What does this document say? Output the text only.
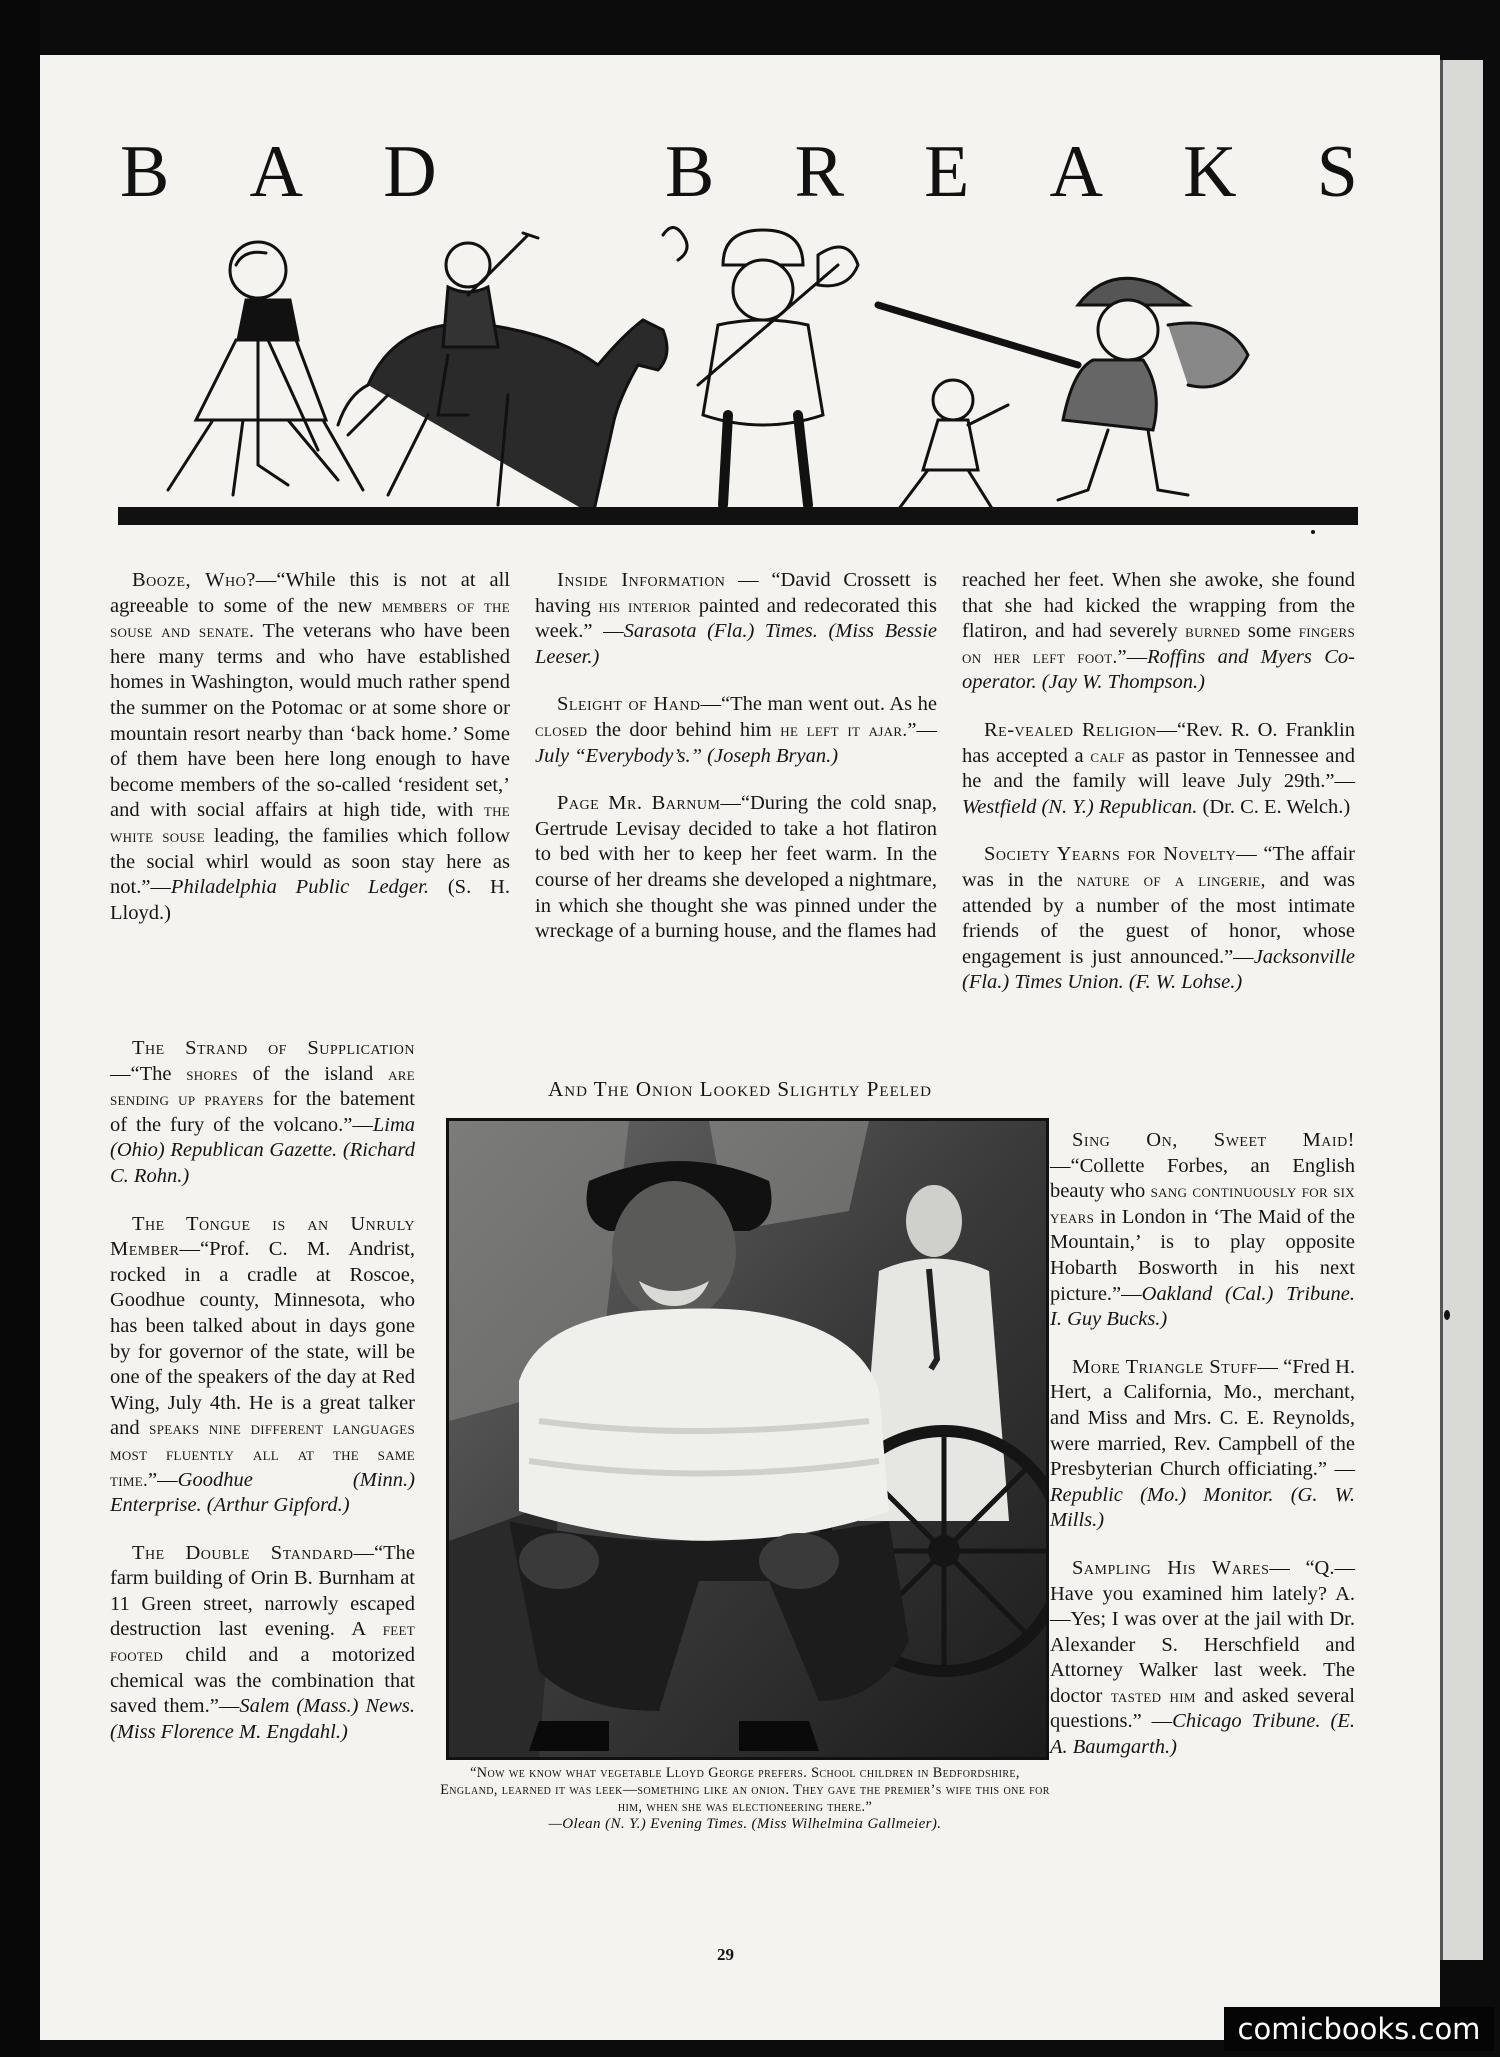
B A D	B R E A K S

Booze, Who?—“While this is not at all agreeable to some of the new members of the souse and senate. The veterans who have been here many terms and who have established homes in Washington, would much rather spend the summer on the Potomac or at some shore or mountain resort nearby than ‘back home.’ Some of them have been here long enough to have become members of the so-called ‘resident set,’ and with social affairs at high tide, with the white souse leading, the families which follow the social whirl would as soon stay here as not.”—Philadelphia Public Ledger. (S. H. Lloyd.)

The Strand of Supplication—“The shores of the island are sending up prayers for the batement of the fury of the volcano.”—Lima (Ohio) Republican Gazette. (Richard C. Rohn.)

The Tongue is an Unruly Member—“Prof. C. M. Andrist, rocked in a cradle at Roscoe, Goodhue county, Minnesota, who has been talked about in days gone by for governor of the state, will be one of the speakers of the day at Red Wing, July 4th. He is a great talker and speaks nine different languages most fluently all at the same time.”—Goodhue (Minn.) Enterprise. (Arthur Gipford.)

The Double Standard—“The farm building of Orin B. Burnham at 11 Green street, narrowly escaped destruction last evening. A feet footed child and a motorized chemical was the combination that saved them.”—Salem (Mass.) News. (Miss Florence M. Engdahl.)

Inside Information — “David Crossett is having his interior painted and redecorated this week.” —Sarasota (Fla.) Times. (Miss Bessie Leeser.)

Sleight of Hand—“The man went out. As he closed the door behind him he left it ajar.”—July “Everybody’s.” (Joseph Bryan.)

Page Mr. Barnum—“During the cold snap, Gertrude Levisay decided to take a hot flatiron to bed with her to keep her feet warm. In the course of her dreams she developed a nightmare, in which she thought she was pinned under the wreckage of a burning house, and the flames had

reached her feet. When she awoke, she found that she had kicked the wrapping from the flatiron, and had severely burned some fingers on her left foot.”—Roffins and Myers Co-operator. (Jay W. Thompson.)

Re-vealed Religion—“Rev. R. O. Franklin has accepted a calf as pastor in Tennessee and he and the family will leave July 29th.”—Westfield (N. Y.) Republican. (Dr. C. E. Welch.)

Society Yearns for Novelty— “The affair was in the nature of a lingerie, and was attended by a number of the most intimate friends of the guest of honor, whose engagement is just announced.”—Jacksonville (Fla.) Times Union. (F. W. Lohse.)

Sing On, Sweet Maid! —“Collette Forbes, an English beauty who sang continuously for six years in London in ‘The Maid of the Mountain,’ is to play opposite Hobarth Bosworth in his next picture.”—Oakland (Cal.) Tribune. I. Guy Bucks.)

More Triangle Stuff— “Fred H. Hert, a California, Mo., merchant, and Miss and Mrs. C. E. Reynolds, were married, Rev. Campbell of the Presbyterian Church officiating.” —Republic (Mo.) Monitor. (G. W. Mills.)

Sampling His Wares— “Q.—Have you examined him lately? A.—Yes; I was over at the jail with Dr. Alexander S. Herschfield and Attorney Walker last week. The doctor tasted him and asked several questions.” —Chicago Tribune. (E. A. Baumgarth.)

And The Onion Looked Slightly Peeled
“Now we know what vegetable Lloyd George prefers. School children in Bedfordshire, England, learned it was leek—something like an onion. They gave the premier’s wife this one for him, when she was electioneering there.”
—Olean (N. Y.) Evening Times. (Miss Wilhelmina Gallmeier).
29
comicbooks.com
